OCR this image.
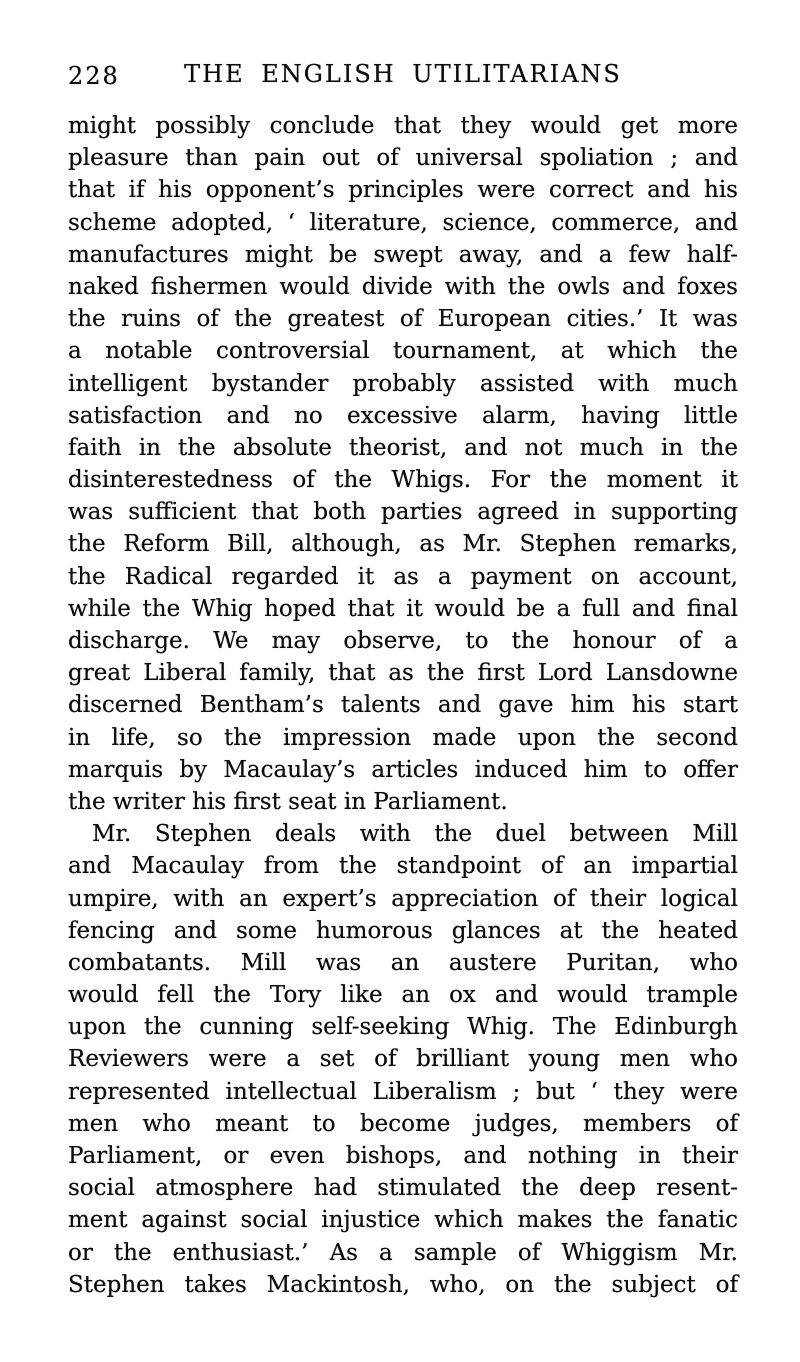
228	THE ENGLISH UTILITARIANS
might possibly conclude that they would get more
pleasure than pain out of universal spoliation ; and
that if his opponent’s principles were correct and his
scheme adopted, ‘ literature, science, commerce, and
manufactures might be swept away, and a few half-
naked fishermen would divide with the owls and foxes
the ruins of the greatest of European cities.’ It was
a notable controversial tournament, at which the
intelligent bystander probably assisted with much
satisfaction and no excessive alarm, having little
faith in the absolute theorist, and not much in the
disinterestedness of the Whigs. For the moment it
was sufficient that both parties agreed in supporting
the Reform Bill, although, as Mr. Stephen remarks,
the Radical regarded it as a payment on account,
while the Whig hoped that it would be a full and final
discharge. We may observe, to the honour of a
great Liberal family, that as the first Lord Lansdowne
discerned Bentham’s talents and gave him his start
in life, so the impression made upon the second
marquis by Macaulay’s articles induced him to offer
the writer his first seat in Parliament.
Mr. Stephen deals with the duel between Mill
and Macaulay from the standpoint of an impartial
umpire, with an expert’s appreciation of their logical
fencing and some humorous glances at the heated
combatants. Mill was an austere Puritan, who
would fell the Tory like an ox and would trample
upon the cunning self-seeking Whig. The Edinburgh
Reviewers were a set of brilliant young men who
represented intellectual Liberalism ; but ‘ they were
men who meant to become judges, members of
Parliament, or even bishops, and nothing in their
social atmosphere had stimulated the deep resent-
ment against social injustice which makes the fanatic
or the enthusiast.’ As a sample of Whiggism Mr.
Stephen takes Mackintosh, who, on the subject of
